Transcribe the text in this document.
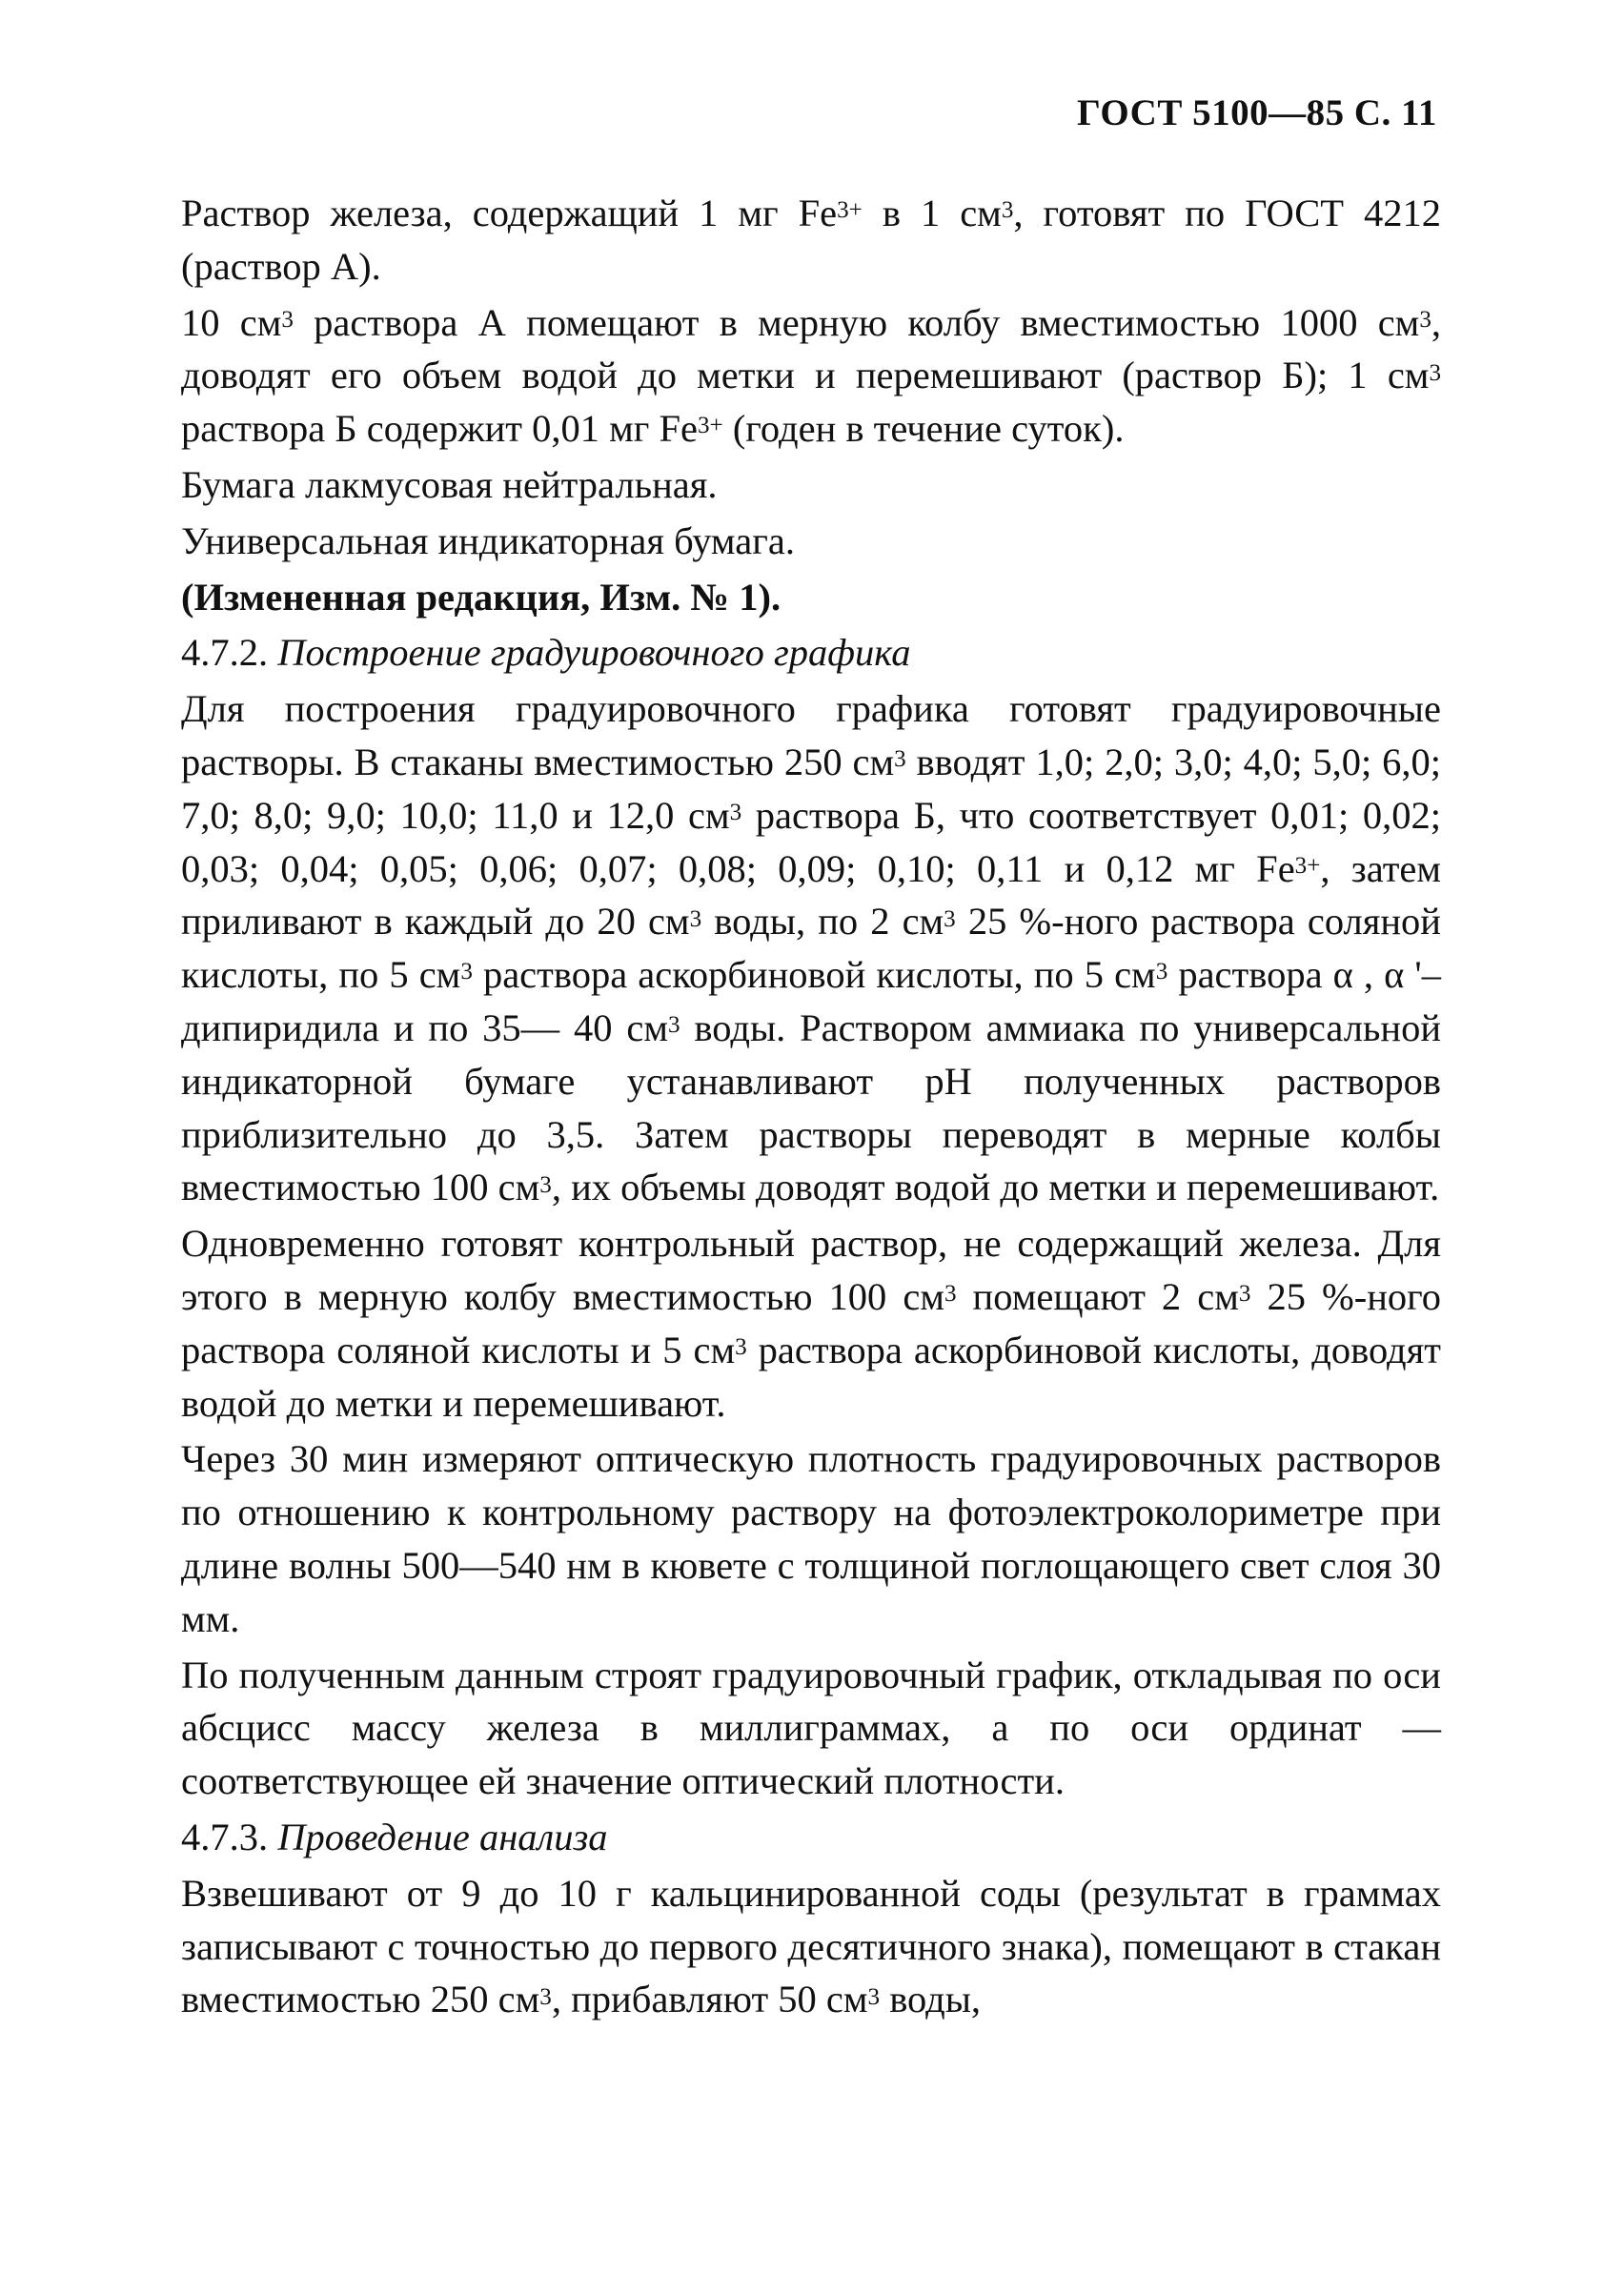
ГОСТ 5100—85 С. 11

Раствор железа, содержащий 1 мг $Fe^{3+}$ в 1 $см^3$, готовят по ГОСТ 4212 (раствор А).

10 $см^3$ раствора А помещают в мерную колбу вместимостью 1000 $см^3$, доводят его объем водой до метки и перемешивают (раствор Б); 1 $см^3$ раствора Б содержит 0,01 мг $Fe^{3+}$ (годен в течение суток).

Бумага лакмусовая нейтральная.

Универсальная индикаторная бумага.

(Измененная редакция, Изм. № 1).

4.7.2. Построение градуировочного графика

Для построения градуировочного графика готовят градуировочные растворы. В стаканы вместимостью 250 $см^3$ вводят 1,0; 2,0; 3,0; 4,0; 5,0; 6,0; 7,0; 8,0; 9,0; 10,0; 11,0 и 12,0 $см^3$ раствора Б, что соответствует 0,01; 0,02; 0,03; 0,04; 0,05; 0,06; 0,07; 0,08; 0,09; 0,10; 0,11 и 0,12 мг $Fe^{3+}$, затем приливают в каждый до 20 $см^3$ воды, по 2 $см^3$ 25 %-ного раствора соляной кислоты, по 5 $см^3$ раствора аскорбиновой кислоты, по 5 $см^3$ раствора α , α '–дипиридила и по 35— 40 $см^3$ воды. Раствором аммиака по универсальной индикаторной бумаге устанавливают pH полученных растворов приблизительно до 3,5. Затем растворы переводят в мерные колбы вместимостью 100 $см^3$, их объемы доводят водой до метки и перемешивают.

Одновременно готовят контрольный раствор, не содержащий железа. Для этого в мерную колбу вместимостью 100 $см^3$ помещают 2 $см^3$ 25 %-ного раствора соляной кислоты и 5 $см^3$ раствора аскорбиновой кислоты, доводят водой до метки и перемешивают.

Через 30 мин измеряют оптическую плотность градуировочных растворов по отношению к контрольному раствору на фотоэлектроколориметре при длине волны 500—540 нм в кювете с толщиной поглощающего свет слоя 30 мм.

По полученным данным строят градуировочный график, откладывая по оси абсцисс массу железа в миллиграммах, а по оси ординат — соответствующее ей значение оптический плотности.

4.7.3. Проведение анализа

Взвешивают от 9 до 10 г кальцинированной соды (результат в граммах записывают с точностью до первого десятичного знака), помещают в стакан вместимостью 250 $см^3$, прибавляют 50 $см^3$ воды,
